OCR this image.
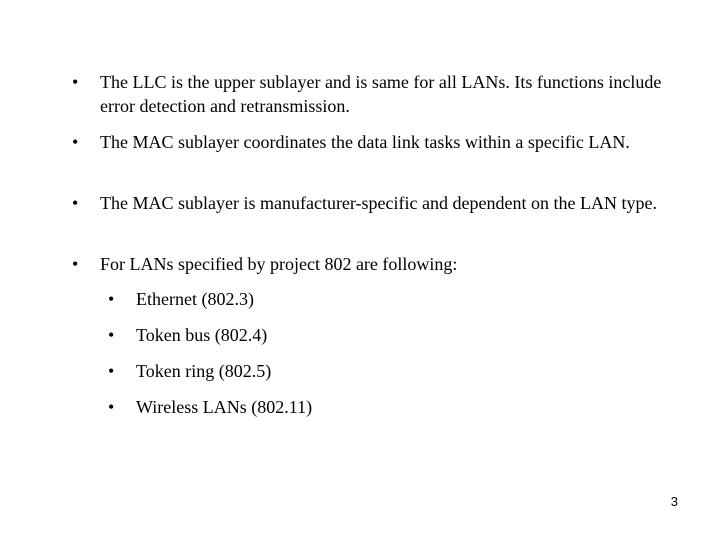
• The LLC is the upper sublayer and is same for all LANs. Its functions include error detection and retransmission.
• The MAC sublayer coordinates the data link tasks within a specific LAN.
• The MAC sublayer is manufacturer-specific and dependent on the LAN type.
• For LANs specified by project 802 are following:
• Ethernet (802.3)
• Token bus (802.4)
• Token ring (802.5)
• Wireless LANs (802.11)
3
